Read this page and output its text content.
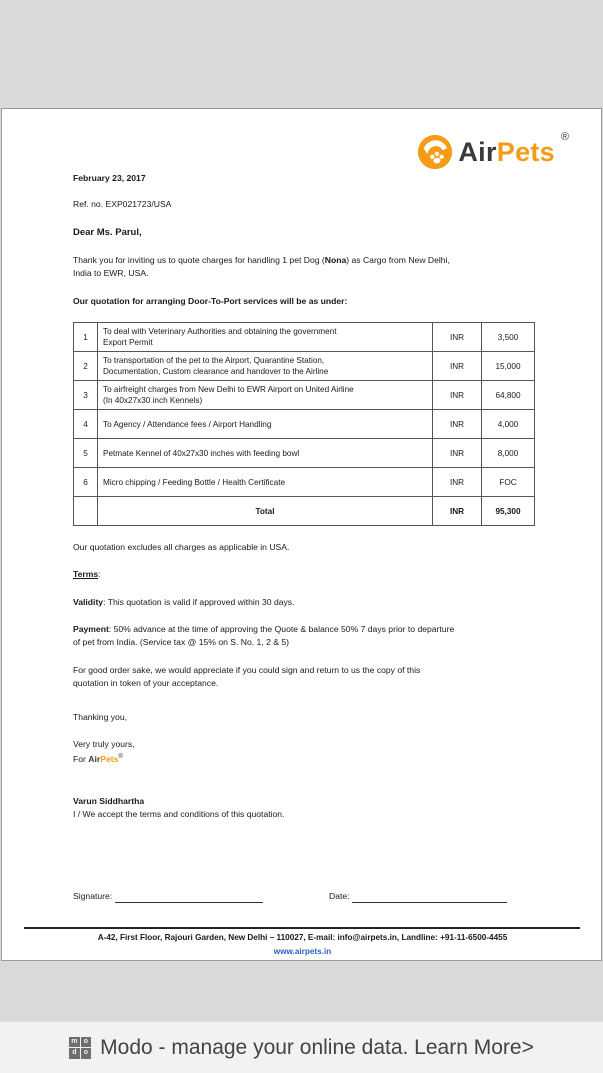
AirPets ®
February 23, 2017
Ref. no. EXP021723/USA
Dear Ms. Parul,
Thank you for inviting us to quote charges for handling 1 pet Dog (Nona) as Cargo from New Delhi,
India to EWR, USA.
Our quotation for arranging Door-To-Port services will be as under:
1	To deal with Veterinary Authorities and obtaining the government
Export Permit	INR	3,500
2	To transportation of the pet to the Airport, Quarantine Station,
Documentation, Custom clearance and handover to the Airline	INR	15,000
3	To airfreight charges from New Delhi to EWR Airport on United Airline
(In 40x27x30 inch Kennels)	INR	64,800
4	To Agency / Attendance fees / Airport Handling	INR	4,000
5	Petmate Kennel of 40x27x30 inches with feeding bowl	INR	8,000
6	Micro chipping / Feeding Bottle / Health Certificate	INR	FOC
	Total	INR	95,300
Our quotation excludes all charges as applicable in USA.
Terms:
Validity: This quotation is valid if approved within 30 days.
Payment: 50% advance at the time of approving the Quote & balance 50% 7 days prior to departure
of pet from India. (Service tax @ 15% on S. No. 1, 2 & 5)
For good order sake, we would appreciate if you could sign and return to us the copy of this
quotation in token of your acceptance.
Thanking you,
Very truly yours,
For AirPets®
Varun Siddhartha
I / We accept the terms and conditions of this quotation.
Signature:	Date:
A-42, First Floor, Rajouri Garden, New Delhi – 110027, E-mail: info@airpets.in, Landline: +91-11-6500-4455
www.airpets.in
m o
d	o Modo - manage your online data. Learn More>
